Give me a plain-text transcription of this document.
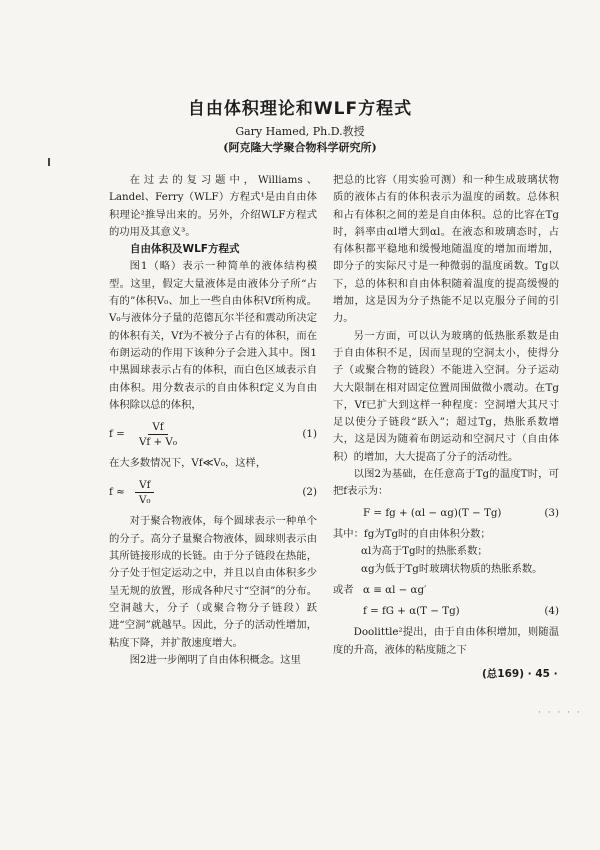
自由体积理论和WLF方程式
Gary Hamed, Ph.D.教授
(阿克隆大学聚合物科学研究所)

在过去的复习题中，Williams、Landel、Ferry（WLF）方程式¹是由自由体积理论²推导出来的。另外，介绍WLF方程式的功用及其意义³。

自由体积及WLF方程式

图1（略）表示一种简单的液体结构模型。这里，假定大量液体是由液体分子所“占有的”体积V₀、加上一些自由体积Vf所构成。V₀与液体分子量的范德瓦尔半径和震动所决定的体积有关，Vf为不被分子占有的体积，而在布朗运动的作用下该种分子会进入其中。图1中黑圆球表示占有的体积，而白色区域表示自由体积。用分数表示的自由体积f定义为自由体积除以总的体积，

$f = \frac{Vf}{\text{Vf + V₀}}$	(1)

在大多数情况下，Vf≪V₀，这样，

$f \approx \frac{Vf}{\text{V₀}}$	(2)

对于聚合物液体，每个圆球表示一种单个的分子。高分子量聚合物液体，圆球则表示由其所链接形成的长链。由于分子链段在热能，分子处于恒定运动之中，并且以自由体积多少呈无规的放置，形成各种尺寸“空洞”的分布。空洞越大，分子（或聚合物分子链段）跃进“空洞”就越早。因此，分子的活动性增加，粘度下降，并扩散速度增大。

图2进一步阐明了自由体积概念。这里

把总的比容（用实验可测）和一种生成玻璃状物质的液体占有的体积表示为温度的函数。总体积和占有体积之间的差是自由体积。总的比容在Tg时，斜率由αl增大到αl。在液态和玻璃态时，占有体积都平稳地和缓慢地随温度的增加而增加，即分子的实际尺寸是一种微弱的温度函数。Tg以下，总的体积和自由体积随着温度的提高缓慢的增加，这是因为分子热能不足以克服分子间的引力。

另一方面，可以认为玻璃的低热胀系数是由于自由体积不足，因而呈现的空洞太小，使得分子（或聚合物的链段）不能进入空洞。分子运动大大限制在相对固定位置周围做微小震动。在Tg下，Vf已扩大到这样一种程度：空洞增大其尺寸足以使分子链段“跃入”；超过Tg，热胀系数增大，这是因为随着布朗运动和空洞尺寸（自由体积）的增加，大大提高了分子的活动性。

以图2为基础，在任意高于Tg的温度T时，可把f表示为：

F = fg + (αl − αg)(T − Tg)	(3)
其中：fg为Tg时的自由体积分数；
αl为高于Tg时的热胀系数；
αg为低于Tg时玻璃状物质的热胀系数。
或者 α ≡ αl − αg′
f = fG + α(T − Tg)	(4)

Doolittle²提出，由于自由体积增加，则随温度的升高，液体的粘度随之下

(总169) · 45 ·
· · · · ·
